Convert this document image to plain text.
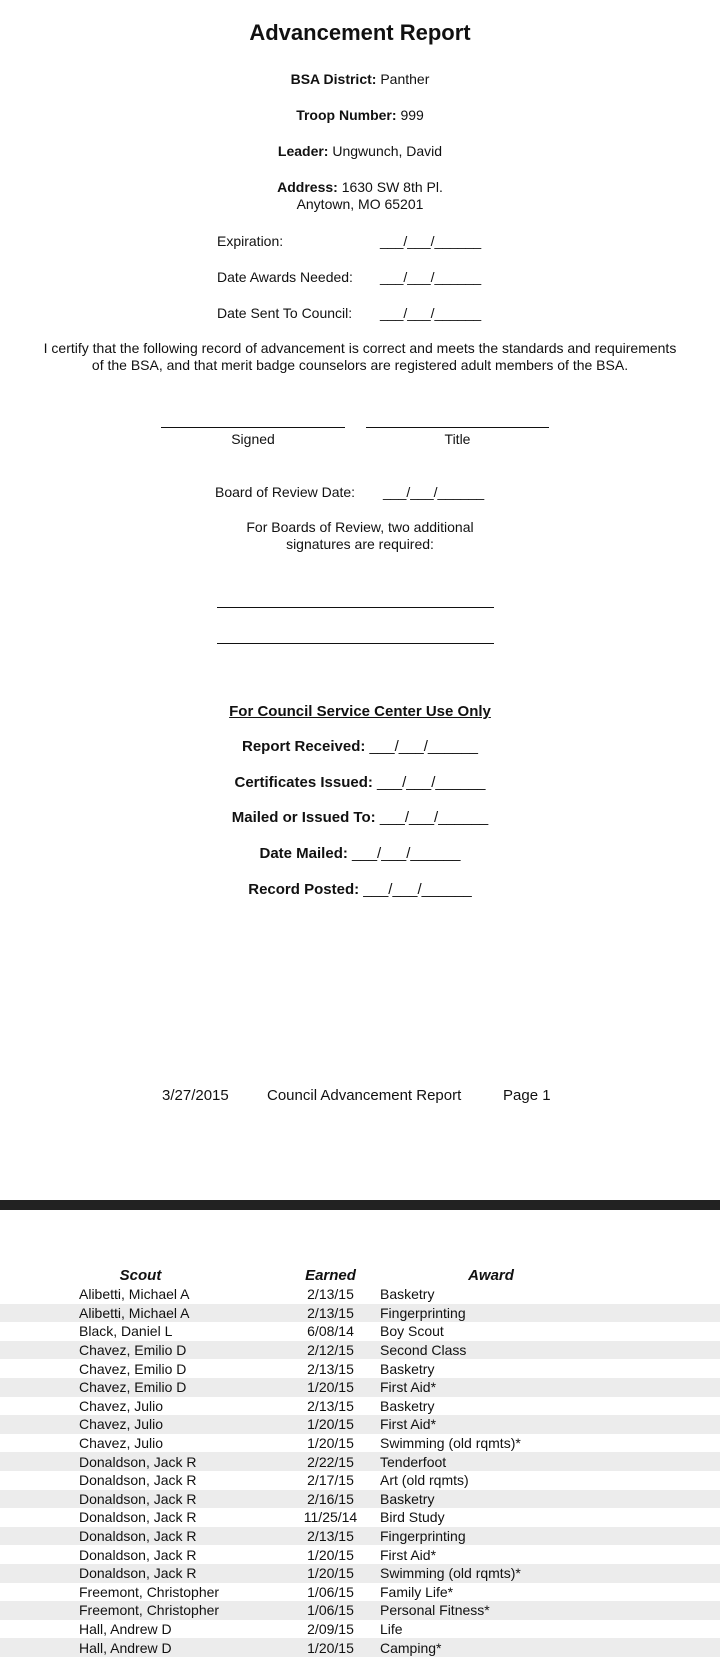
Advancement Report
BSA District: Panther
Troop Number: 999
Leader: Ungwunch, David
Address: 1630 SW 8th Pl.
Anytown, MO 65201
Expiration:	___/___/______
Date Awards Needed: ___/___/______
Date Sent To Council: ___/___/______
I certify that the following record of advancement is correct and meets the standards and requirements
of the BSA, and that merit badge counselors are registered adult members of the BSA.
Signed	Title
Board of Review Date: ___/___/______
For Boards of Review, two additional
signatures are required:
For Council Service Center Use Only
Report Received: ___/___/______
Certificates Issued: ___/___/______
Mailed or Issued To: ___/___/______
Date Mailed: ___/___/______
Record Posted: ___/___/______
3/27/2015	Council Advancement Report	Page 1
Scout	Earned	Award
Alibetti, Michael A	2/13/15	Basketry
Alibetti, Michael A	2/13/15	Fingerprinting
Black, Daniel L	6/08/14	Boy Scout
Chavez, Emilio D	2/12/15	Second Class
Chavez, Emilio D	2/13/15	Basketry
Chavez, Emilio D	1/20/15	First Aid*
Chavez, Julio	2/13/15	Basketry
Chavez, Julio	1/20/15	First Aid*
Chavez, Julio	1/20/15	Swimming (old rqmts)*
Donaldson, Jack R	2/22/15	Tenderfoot
Donaldson, Jack R	2/17/15	Art (old rqmts)
Donaldson, Jack R	2/16/15	Basketry
Donaldson, Jack R	11/25/14	Bird Study
Donaldson, Jack R	2/13/15	Fingerprinting
Donaldson, Jack R	1/20/15	First Aid*
Donaldson, Jack R	1/20/15	Swimming (old rqmts)*
Freemont, Christopher	1/06/15	Family Life*
Freemont, Christopher	1/06/15	Personal Fitness*
Hall, Andrew D	2/09/15	Life
Hall, Andrew D	1/20/15	Camping*
